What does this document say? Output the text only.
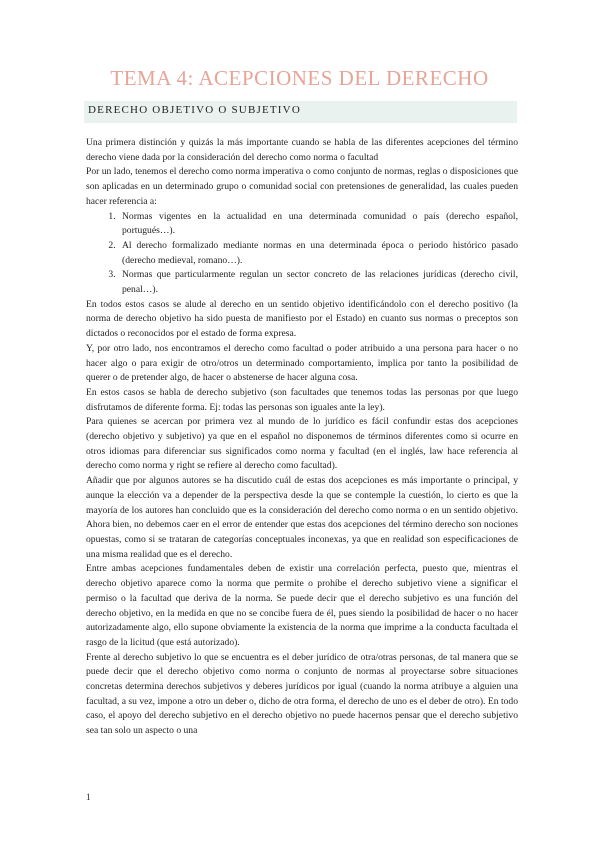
TEMA 4: ACEPCIONES DEL DERECHO
DERECHO OBJETIVO O SUBJETIVO

Una primera distinción y quizás la más importante cuando se habla de las diferentes acepciones del término derecho viene dada por la consideración del derecho como norma o facultad

Por un lado, tenemos el derecho como norma imperativa o como conjunto de normas, reglas o disposiciones que son aplicadas en un determinado grupo o comunidad social con pretensiones de generalidad, las cuales pueden hacer referencia a:

1. Normas vigentes en la actualidad en una determinada comunidad o país (derecho español, portugués…).
2. Al derecho formalizado mediante normas en una determinada época o periodo histórico pasado (derecho medieval, romano…).
3. Normas que particularmente regulan un sector concreto de las relaciones jurídicas (derecho civil, penal…).

En todos estos casos se alude al derecho en un sentido objetivo identificándolo con el derecho positivo (la norma de derecho objetivo ha sido puesta de manifiesto por el Estado) en cuanto sus normas o preceptos son dictados o reconocidos por el estado de forma expresa.

Y, por otro lado, nos encontramos el derecho como facultad o poder atribuido a una persona para hacer o no hacer algo o para exigir de otro/otros un determinado comportamiento, implica por tanto la posibilidad de querer o de pretender algo, de hacer o abstenerse de hacer alguna cosa.

En estos casos se habla de derecho subjetivo (son facultades que tenemos todas las personas por que luego disfrutamos de diferente forma. Ej: todas las personas son iguales ante la ley).

Para quienes se acercan por primera vez al mundo de lo jurídico es fácil confundir estas dos acepciones (derecho objetivo y subjetivo) ya que en el español no disponemos de términos diferentes como si ocurre en otros idiomas para diferenciar sus significados como norma y facultad (en el inglés, law hace referencia al derecho como norma y right se refiere al derecho como facultad).

Añadir que por algunos autores se ha discutido cuál de estas dos acepciones es más importante o principal, y aunque la elección va a depender de la perspectiva desde la que se contemple la cuestión, lo cierto es que la mayoría de los autores han concluido que es la consideración del derecho como norma o en un sentido objetivo. Ahora bien, no debemos caer en el error de entender que estas dos acepciones del término derecho son nociones opuestas, como si se trataran de categorías conceptuales inconexas, ya que en realidad son especificaciones de una misma realidad que es el derecho.

Entre ambas acepciones fundamentales deben de existir una correlación perfecta, puesto que, mientras el derecho objetivo aparece como la norma que permite o prohíbe el derecho subjetivo viene a significar el permiso o la facultad que deriva de la norma. Se puede decir que el derecho subjetivo es una función del derecho objetivo, en la medida en que no se concibe fuera de él, pues siendo la posibilidad de hacer o no hacer autorizadamente algo, ello supone obviamente la existencia de la norma que imprime a la conducta facultada el rasgo de la licitud (que está autorizado).

Frente al derecho subjetivo lo que se encuentra es el deber jurídico de otra/otras personas, de tal manera que se puede decir que el derecho objetivo como norma o conjunto de normas al proyectarse sobre situaciones concretas determina derechos subjetivos y deberes jurídicos por igual (cuando la norma atribuye a alguien una facultad, a su vez, impone a otro un deber o, dicho de otra forma, el derecho de uno es el deber de otro). En todo caso, el apoyo del derecho subjetivo en el derecho objetivo no puede hacernos pensar que el derecho subjetivo sea tan solo un aspecto o una

1
